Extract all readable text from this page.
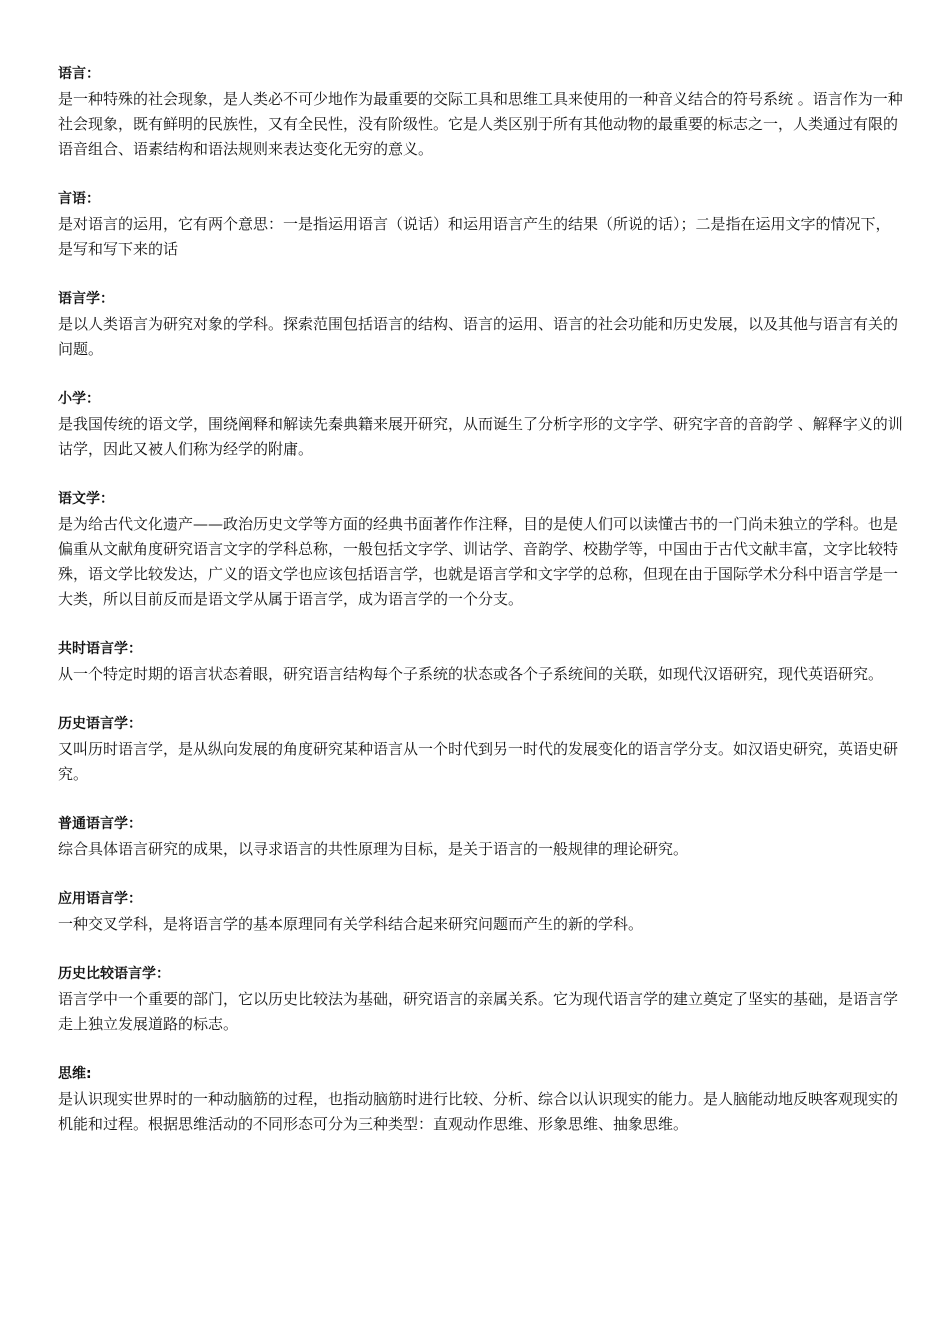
语言：

是一种特殊的社会现象，是人类必不可少地作为最重要的交际工具和思维工具来使用的一种音义结合的符号系统 。语言作为一种社会现象，既有鲜明的民族性，又有全民性，没有阶级性。它是人类区别于所有其他动物的最重要的标志之一，人类通过有限的语音组合、语素结构和语法规则来表达变化无穷的意义。

言语：

是对语言的运用，它有两个意思：一是指运用语言（说话）和运用语言产生的结果（所说的话）；二是指在运用文字的情况下，是写和写下来的话

语言学：

是以人类语言为研究对象的学科。探索范围包括语言的结构、语言的运用、语言的社会功能和历史发展，以及其他与语言有关的问题。

小学：

是我国传统的语文学，围绕阐释和解读先秦典籍来展开研究，从而诞生了分析字形的文字学、研究字音的音韵学 、解释字义的训诂学，因此又被人们称为经学的附庸。

语文学：

是为给古代文化遗产——政治历史文学等方面的经典书面著作作注释，目的是使人们可以读懂古书的一门尚未独立的学科。也是偏重从文献角度研究语言文字的学科总称，一般包括文字学、训诂学、音韵学、校勘学等，中国由于古代文献丰富，文字比较特殊，语文学比较发达，广义的语文学也应该包括语言学，也就是语言学和文字学的总称，但现在由于国际学术分科中语言学是一大类，所以目前反而是语文学从属于语言学，成为语言学的一个分支。

共时语言学：

从一个特定时期的语言状态着眼，研究语言结构每个子系统的状态或各个子系统间的关联，如现代汉语研究，现代英语研究。

历史语言学：

又叫历时语言学，是从纵向发展的角度研究某种语言从一个时代到另一时代的发展变化的语言学分支。如汉语史研究，英语史研究。

普通语言学：

综合具体语言研究的成果，以寻求语言的共性原理为目标，是关于语言的一般规律的理论研究。

应用语言学：

一种交叉学科，是将语言学的基本原理同有关学科结合起来研究问题而产生的新的学科。

历史比较语言学：

语言学中一个重要的部门，它以历史比较法为基础，研究语言的亲属关系。它为现代语言学的建立奠定了坚实的基础，是语言学走上独立发展道路的标志。

思维:

是认识现实世界时的一种动脑筋的过程，也指动脑筋时进行比较、分析、综合以认识现实的能力。是人脑能动地反映客观现实的机能和过程。根据思维活动的不同形态可分为三种类型：直观动作思维、形象思维、抽象思维。
